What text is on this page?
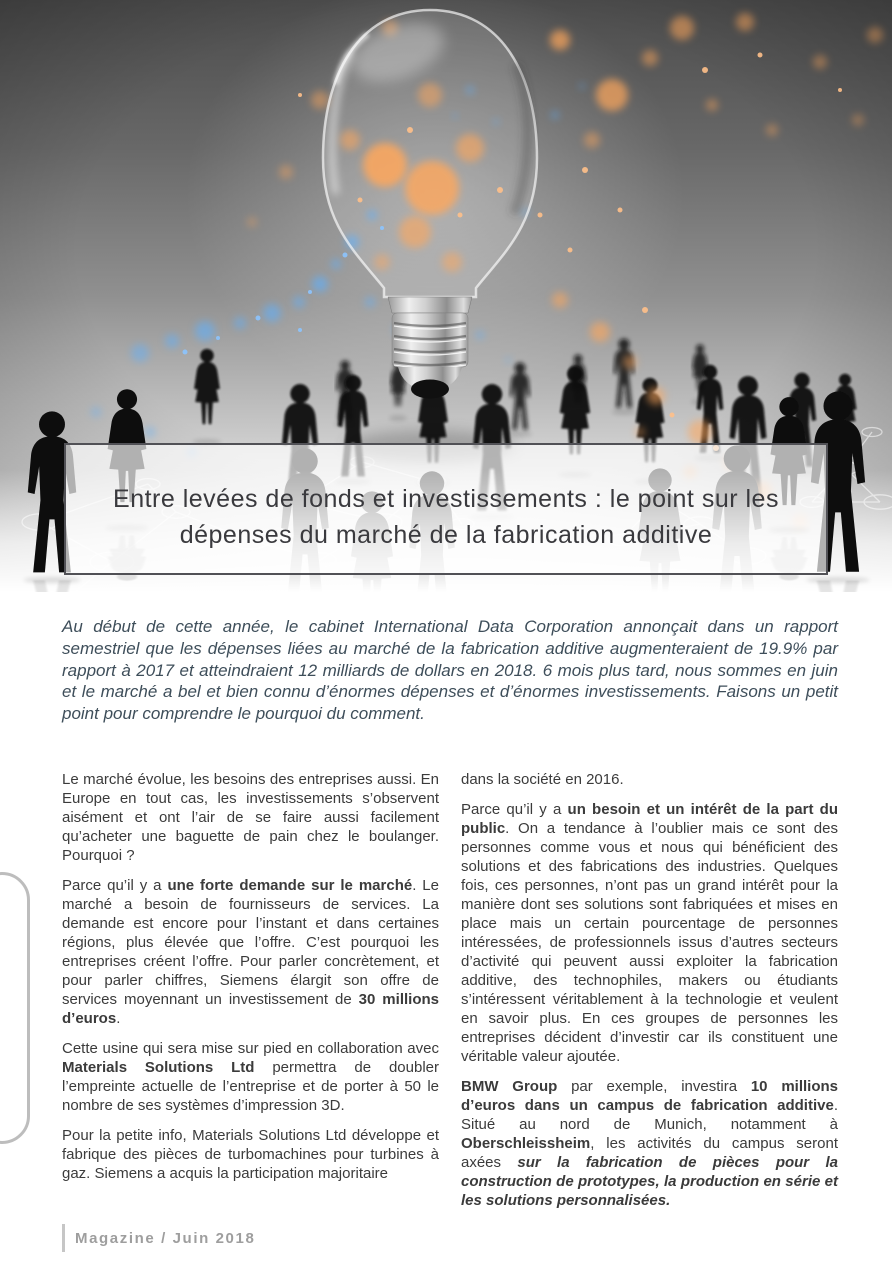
Entre levées de fonds et investissements : le point sur les
dépenses du marché de la fabrication additive

Au début de cette année, le cabinet International Data Corporation annonçait dans un rapport semestriel que les dépenses liées au marché de la fabrication additive augmenteraient de 19.9% par rapport à 2017 et atteindraient 12 milliards de dollars en 2018. 6 mois plus tard, nous sommes en juin et le marché a bel et bien connu d’énormes dépenses et d’énormes investissements. Faisons un petit point pour comprendre le pourquoi du comment.

Le marché évolue, les besoins des entreprises aussi. En Europe en tout cas, les investissements s’observent aisément et ont l’air de se faire aussi facilement qu’acheter une baguette de pain chez le boulanger. Pourquoi ?

Parce qu’il y a une forte demande sur le marché. Le marché a besoin de fournisseurs de services. La demande est encore pour l’instant et dans certaines régions, plus élevée que l’offre. C’est pourquoi les entreprises créent l’offre. Pour parler concrètement, et pour parler chiffres, Siemens élargit son offre de services moyennant un investissement de 30 millions d’euros.

Cette usine qui sera mise sur pied en collaboration avec Materials Solutions Ltd permettra de doubler l’empreinte actuelle de l’entreprise et de porter à 50 le nombre de ses systèmes d’impression 3D.

Pour la petite info, Materials Solutions Ltd développe et fabrique des pièces de turbomachines pour turbines à gaz. Siemens a acquis la participation majoritaire

dans la société en 2016.

Parce qu’il y a un besoin et un intérêt de la part du public. On a tendance à l’oublier mais ce sont des personnes comme vous et nous qui bénéficient des solutions et des fabrications des industries. Quelques fois, ces personnes, n’ont pas un grand intérêt pour la manière dont ses solutions sont fabriquées et mises en place mais un certain pourcentage de personnes intéressées, de professionnels issus d’autres secteurs d’activité qui peuvent aussi exploiter la fabrication additive, des technophiles, makers ou étudiants s’intéressent véritablement à la technologie et veulent en savoir plus. En ces groupes de personnes les entreprises décident d’investir car ils constituent une véritable valeur ajoutée.

BMW Group par exemple, investira 10 millions d’euros dans un campus de fabrication additive. Situé au nord de Munich, notamment à Oberschleissheim, les activités du campus seront axées sur la fabrication de pièces pour la construction de prototypes, la production en série et les solutions personnalisées.

Magazine / Juin 2018
